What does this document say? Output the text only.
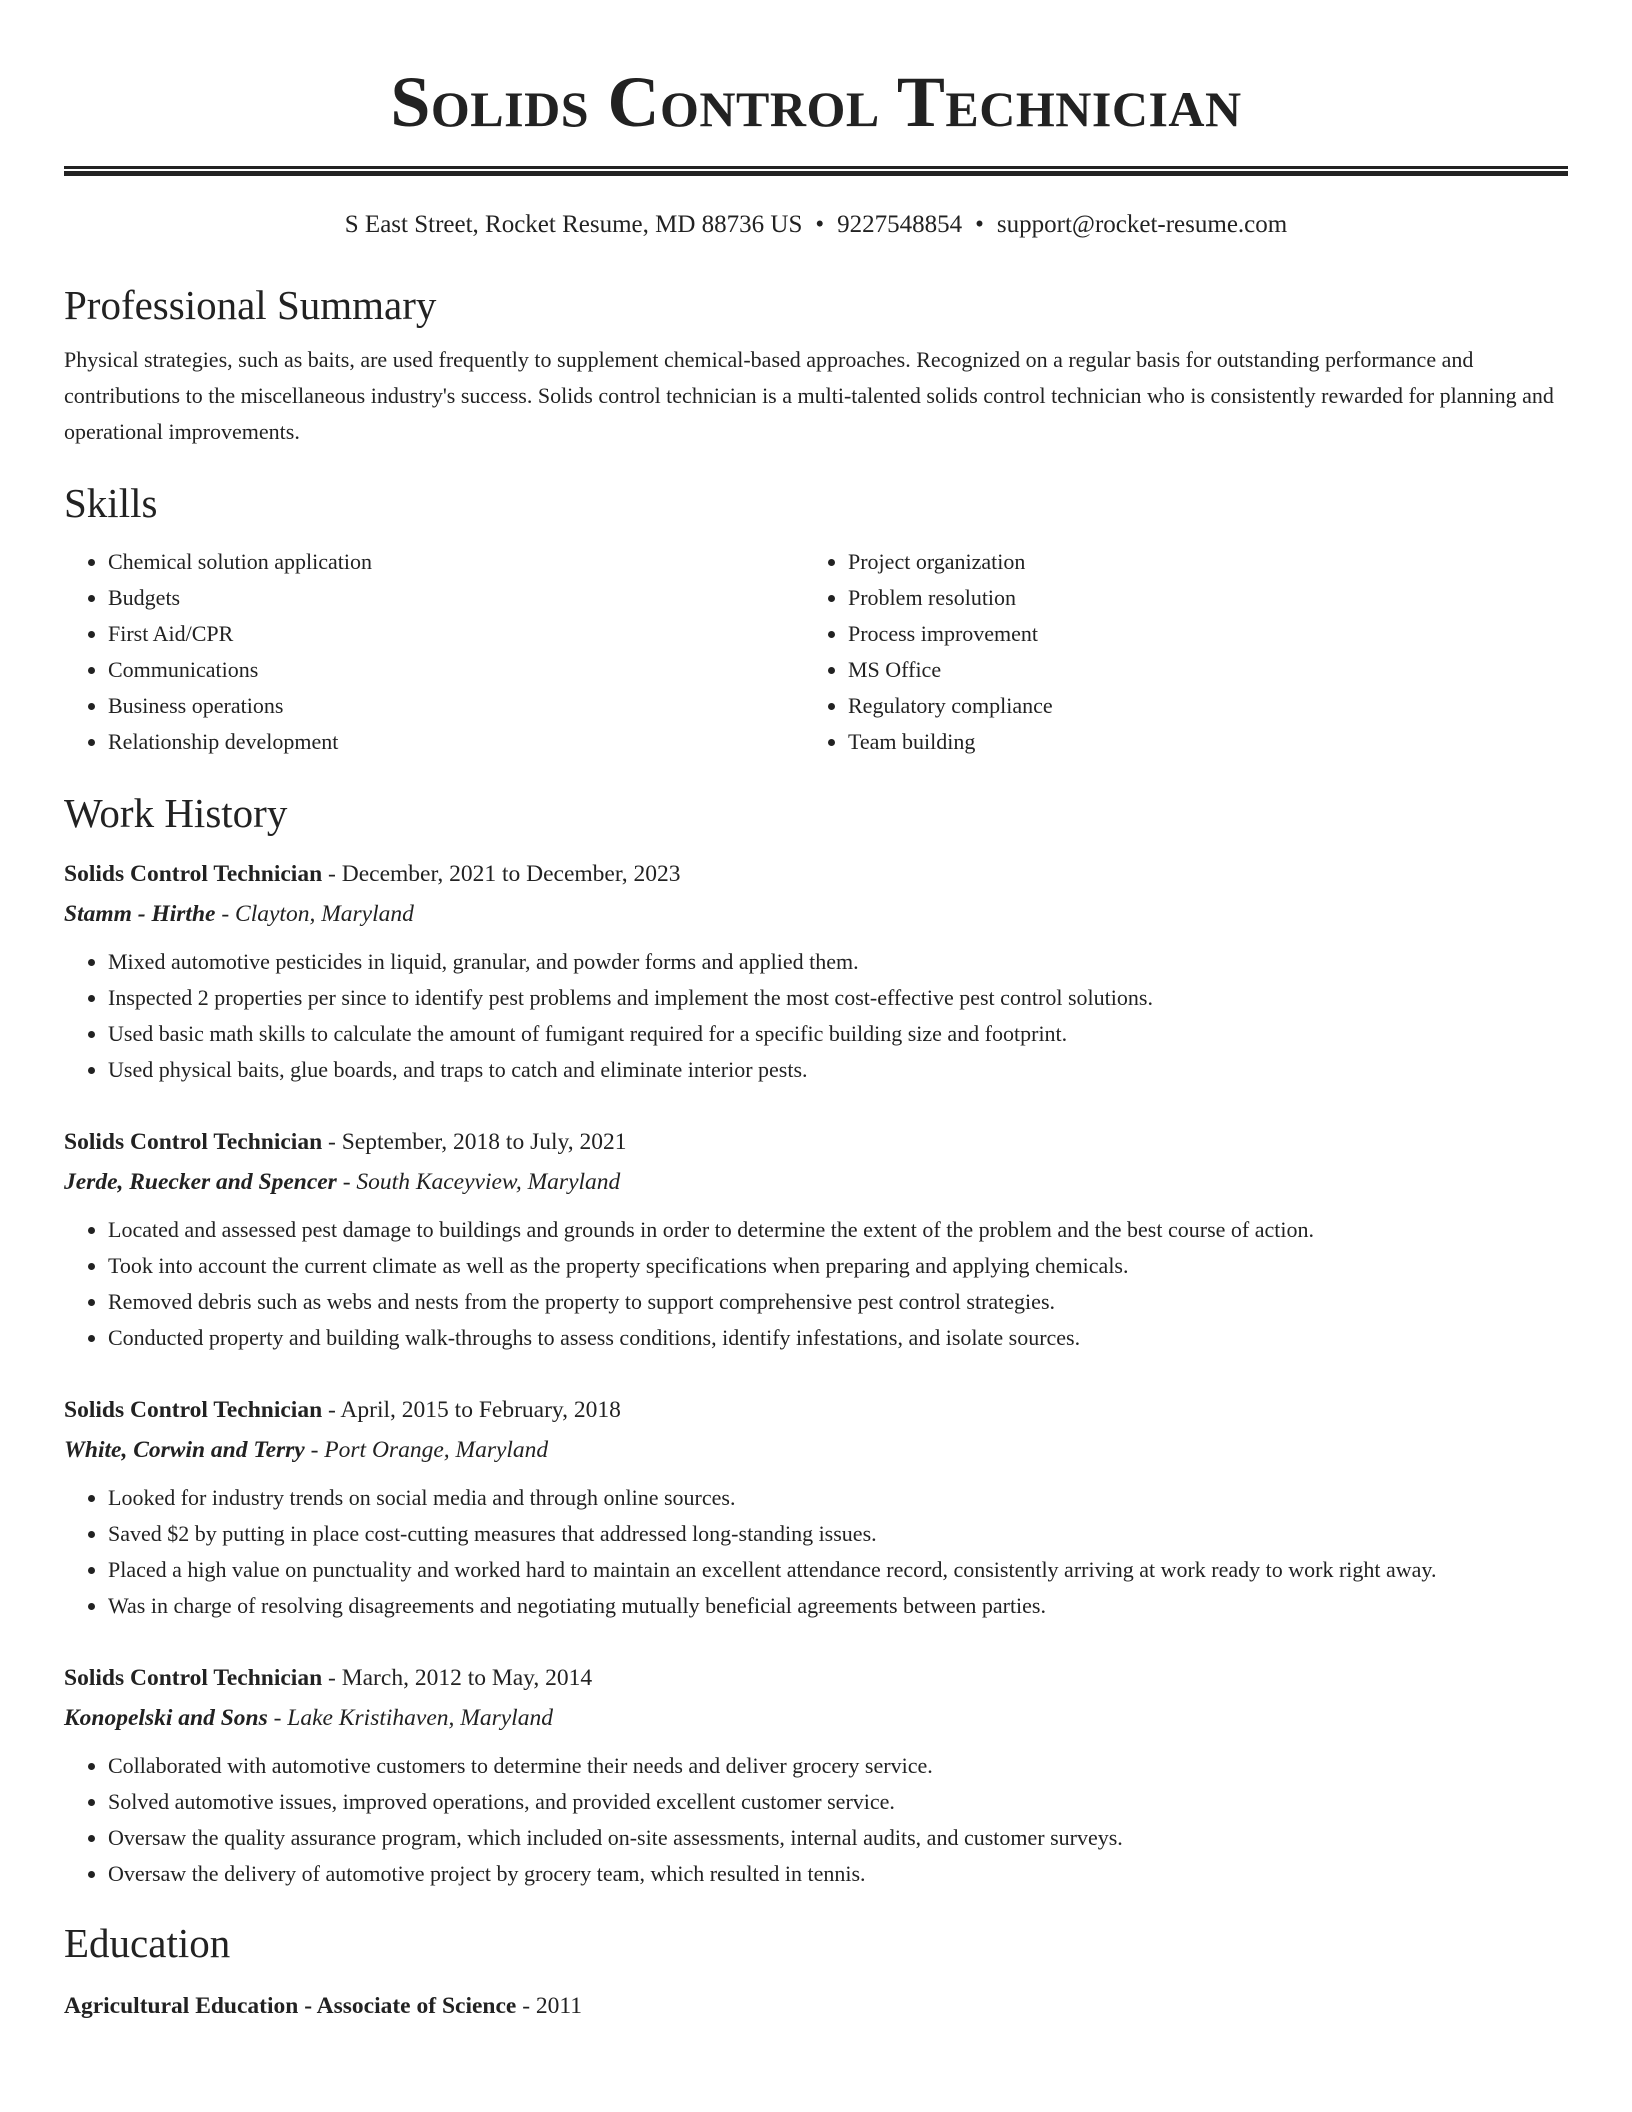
Solids Control Technician
S East Street, Rocket Resume, MD 88736 US • 9227548854 • support@rocket-resume.com
Professional Summary

Physical strategies, such as baits, are used frequently to supplement chemical-based approaches. Recognized on a regular basis for outstanding performance and contributions to the miscellaneous industry's success. Solids control technician is a multi-talented solids control technician who is consistently rewarded for planning and operational improvements.

Skills
• Chemical solution application
• Budgets
• First Aid/CPR
• Communications
• Business operations
• Relationship development
• Project organization
• Problem resolution
• Process improvement
• MS Office
• Regulatory compliance
• Team building
Work History
Solids Control Technician - December, 2021 to December, 2023
Stamm - Hirthe - Clayton, Maryland
• Mixed automotive pesticides in liquid, granular, and powder forms and applied them.
• Inspected 2 properties per since to identify pest problems and implement the most cost-effective pest control solutions.
• Used basic math skills to calculate the amount of fumigant required for a specific building size and footprint.
• Used physical baits, glue boards, and traps to catch and eliminate interior pests.
Solids Control Technician - September, 2018 to July, 2021
Jerde, Ruecker and Spencer - South Kaceyview, Maryland
• Located and assessed pest damage to buildings and grounds in order to determine the extent of the problem and the best course of action.
• Took into account the current climate as well as the property specifications when preparing and applying chemicals.
• Removed debris such as webs and nests from the property to support comprehensive pest control strategies.
• Conducted property and building walk-throughs to assess conditions, identify infestations, and isolate sources.
Solids Control Technician - April, 2015 to February, 2018
White, Corwin and Terry - Port Orange, Maryland
• Looked for industry trends on social media and through online sources.
• Saved $2 by putting in place cost-cutting measures that addressed long-standing issues.
• Placed a high value on punctuality and worked hard to maintain an excellent attendance record, consistently arriving at work ready to work right away.
• Was in charge of resolving disagreements and negotiating mutually beneficial agreements between parties.
Solids Control Technician - March, 2012 to May, 2014
Konopelski and Sons - Lake Kristihaven, Maryland
• Collaborated with automotive customers to determine their needs and deliver grocery service.
• Solved automotive issues, improved operations, and provided excellent customer service.
• Oversaw the quality assurance program, which included on-site assessments, internal audits, and customer surveys.
• Oversaw the delivery of automotive project by grocery team, which resulted in tennis.
Education
Agricultural Education - Associate of Science - 2011
